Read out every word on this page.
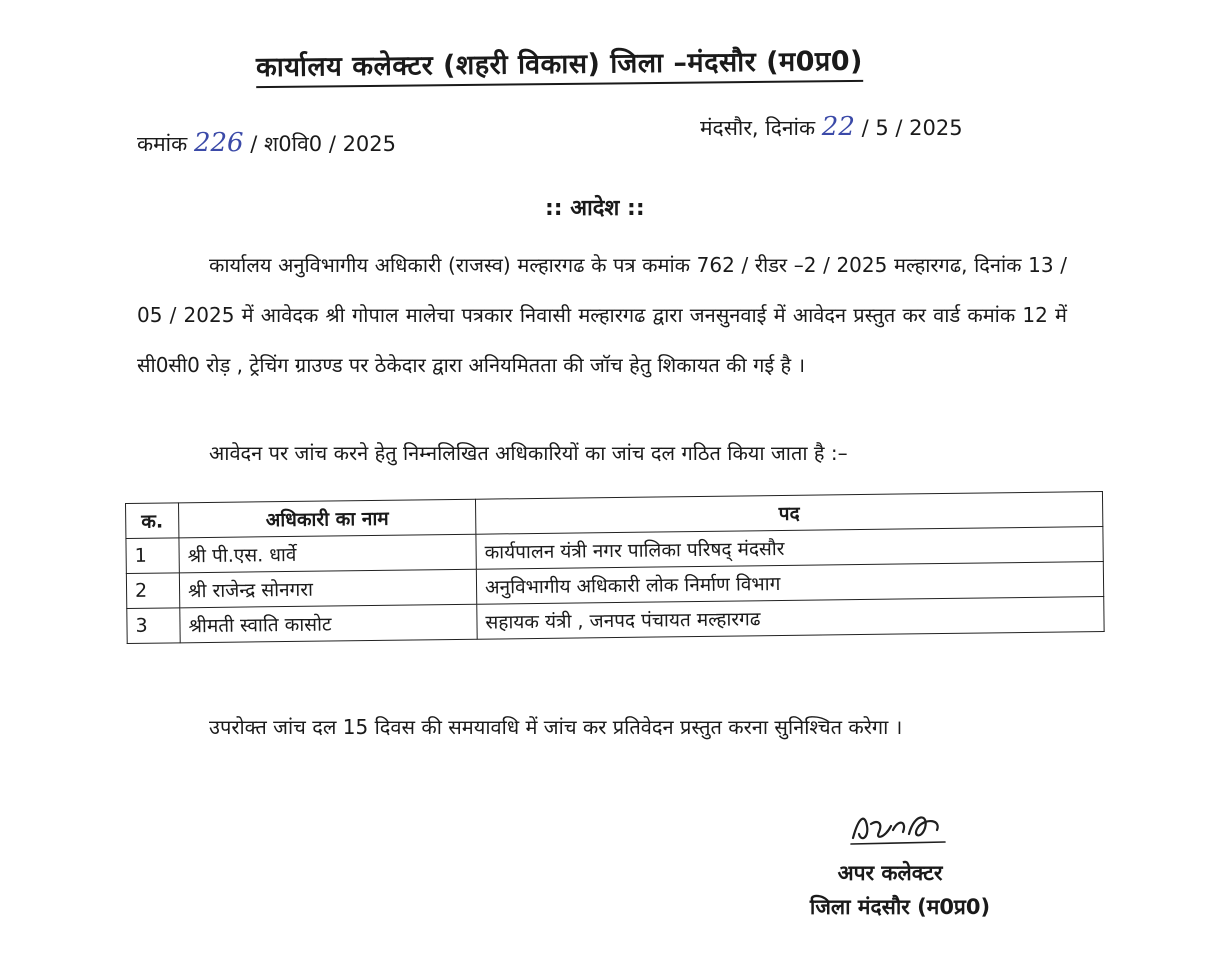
कार्यालय कलेक्टर (शहरी विकास) जिला –मंदसौर (म0प्र0)
कमांक 226 / श0वि0 / 2025
मंदसौर, दिनांक 22 / 5 / 2025
:: आदेश ::
कार्यालय अनुविभागीय अधिकारी (राजस्व) मल्हारगढ के पत्र कमांक 762 / रीडर –2 / 2025 मल्हारगढ, दिनांक 13 / 05 / 2025 में आवेदक श्री गोपाल मालेचा पत्रकार निवासी मल्हारगढ द्वारा जनसुनवाई में आवेदन प्रस्तुत कर वार्ड कमांक 12 में सी0सी0 रोड़ , ट्रेचिंग ग्राउण्ड पर ठेकेदार द्वारा अनियमितता की जॉच हेतु शिकायत की गई है ।
आवेदन पर जांच करने हेतु निम्नलिखित अधिकारियों का जांच दल गठित किया जाता है :–
क.	अधिकारी का नाम	पद
1	श्री पी.एस. धार्वे	कार्यपालन यंत्री नगर पालिका परिषद् मंदसौर
2	श्री राजेन्द्र सोनगरा	अनुविभागीय अधिकारी लोक निर्माण विभाग
3	श्रीमती स्वाति कासोट	सहायक यंत्री , जनपद पंचायत मल्हारगढ
उपरोक्त जांच दल 15 दिवस की समयावधि में जांच कर प्रतिवेदन प्रस्तुत करना सुनिश्चित करेगा ।
अपर कलेक्टर
जिला मंदसौर (म0प्र0)
